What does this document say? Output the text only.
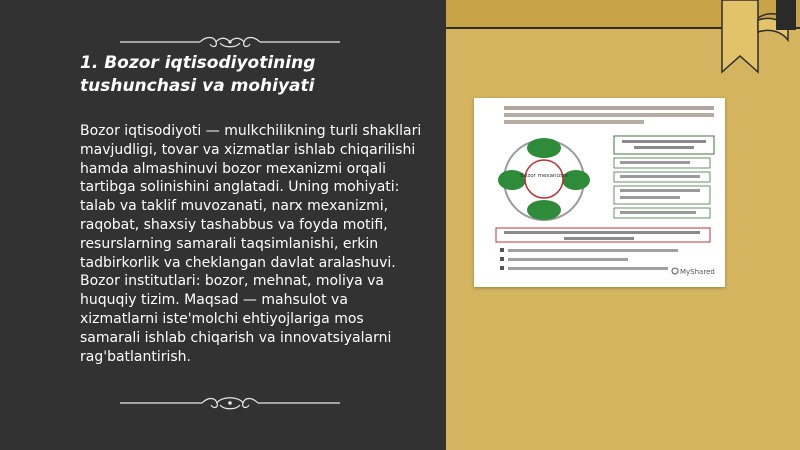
1. Bozor iqtisodiyotining tushunchasi va mohiyati

Bozor iqtisodiyoti — mulkchilikning turli shakllari mavjudligi, tovar va xizmatlar ishlab chiqarilishi hamda almashinuvi bozor mexanizmi orqali tartibga solinishini anglatadi. Uning mohiyati: talab va taklif muvozanati, narx mexanizmi, raqobat, shaxsiy tashabbus va foyda motifi, resurslarning samarali taqsimlanishi, erkin tadbirkorlik va cheklangan davlat aralashuvi. Bozor institutlari: bozor, mehnat, moliya va huquqiy tizim. Maqsad — mahsulot va xizmatlarni iste'molchi ehtiyojlariga mos samarali ishlab chiqarish va innovatsiyalarni rag'batlantirish.

Bozor mexanizmi
MyShared
